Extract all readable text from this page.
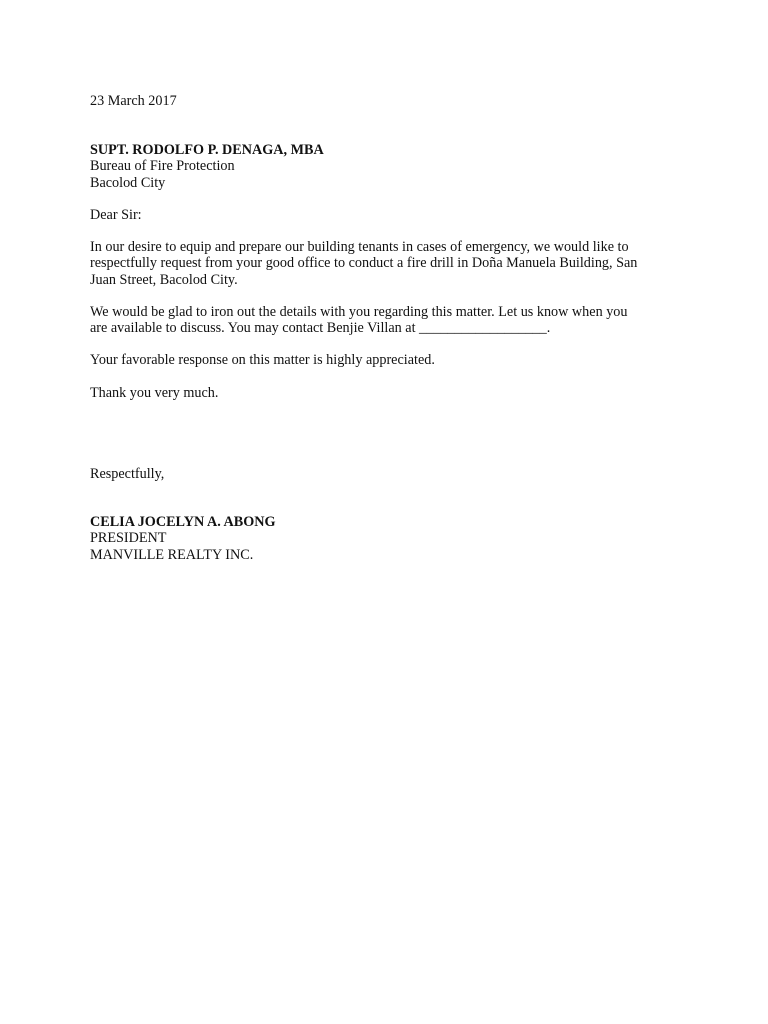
23 March 2017

SUPT. RODOLFO P. DENAGA, MBA
Bureau of Fire Protection
Bacolod City

Dear Sir:

In our desire to equip and prepare our building tenants in cases of emergency, we would like to
respectfully request from your good office to conduct a fire drill in Doña Manuela Building, San
Juan Street, Bacolod City.

We would be glad to iron out the details with you regarding this matter. Let us know when you
are available to discuss. You may contact Benjie Villan at __________________.

Your favorable response on this matter is highly appreciated.

Thank you very much.

Respectfully,

CELIA JOCELYN A. ABONG
PRESIDENT
MANVILLE REALTY INC.
